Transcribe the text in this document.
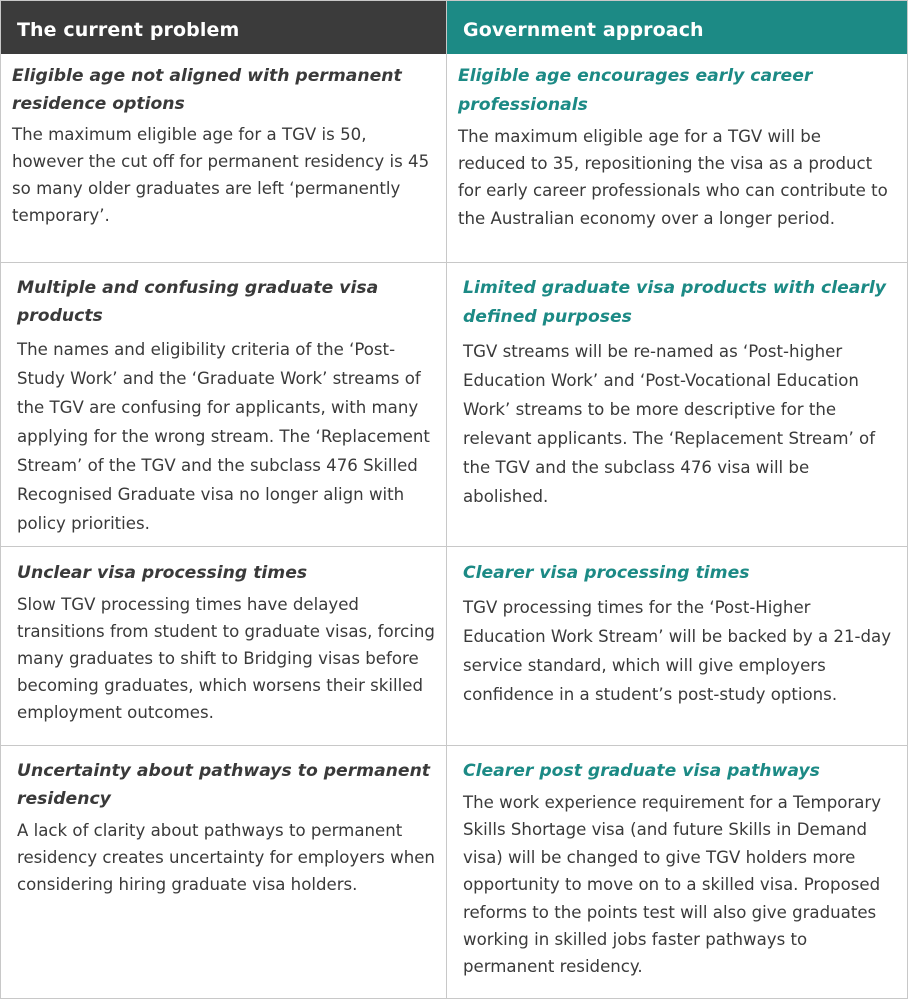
The current problem	Government approach
Eligible age not aligned with permanent residence options
The maximum eligible age for a TGV is 50, however the cut off for permanent residency is 45 so many older graduates are left ‘permanently temporary’.
Eligible age encourages early career professionals
The maximum eligible age for a TGV will be reduced to 35, repositioning the visa as a product for early career professionals who can contribute to the Australian economy over a longer period.
Multiple and confusing graduate visa products
The names and eligibility criteria of the ‘Post-Study Work’ and the ‘Graduate Work’ streams of the TGV are confusing for applicants, with many applying for the wrong stream. The ‘Replacement Stream’ of the TGV and the subclass 476 Skilled Recognised Graduate visa no longer align with policy priorities.
Limited graduate visa products with clearly defined purposes
TGV streams will be re-named as ‘Post-higher Education Work’ and ‘Post-Vocational Education Work’ streams to be more descriptive for the relevant applicants. The ‘Replacement Stream’ of the TGV and the subclass 476 visa will be abolished.
Unclear visa processing times
Slow TGV processing times have delayed transitions from student to graduate visas, forcing many graduates to shift to Bridging visas before becoming graduates, which worsens their skilled employment outcomes.
Clearer visa processing times
TGV processing times for the ‘Post-Higher Education Work Stream’ will be backed by a 21-day service standard, which will give employers confidence in a student’s post-study options.
Uncertainty about pathways to permanent residency
A lack of clarity about pathways to permanent residency creates uncertainty for employers when considering hiring graduate visa holders.
Clearer post graduate visa pathways
The work experience requirement for a Temporary Skills Shortage visa (and future Skills in Demand visa) will be changed to give TGV holders more opportunity to move on to a skilled visa. Proposed reforms to the points test will also give graduates working in skilled jobs faster pathways to permanent residency.
